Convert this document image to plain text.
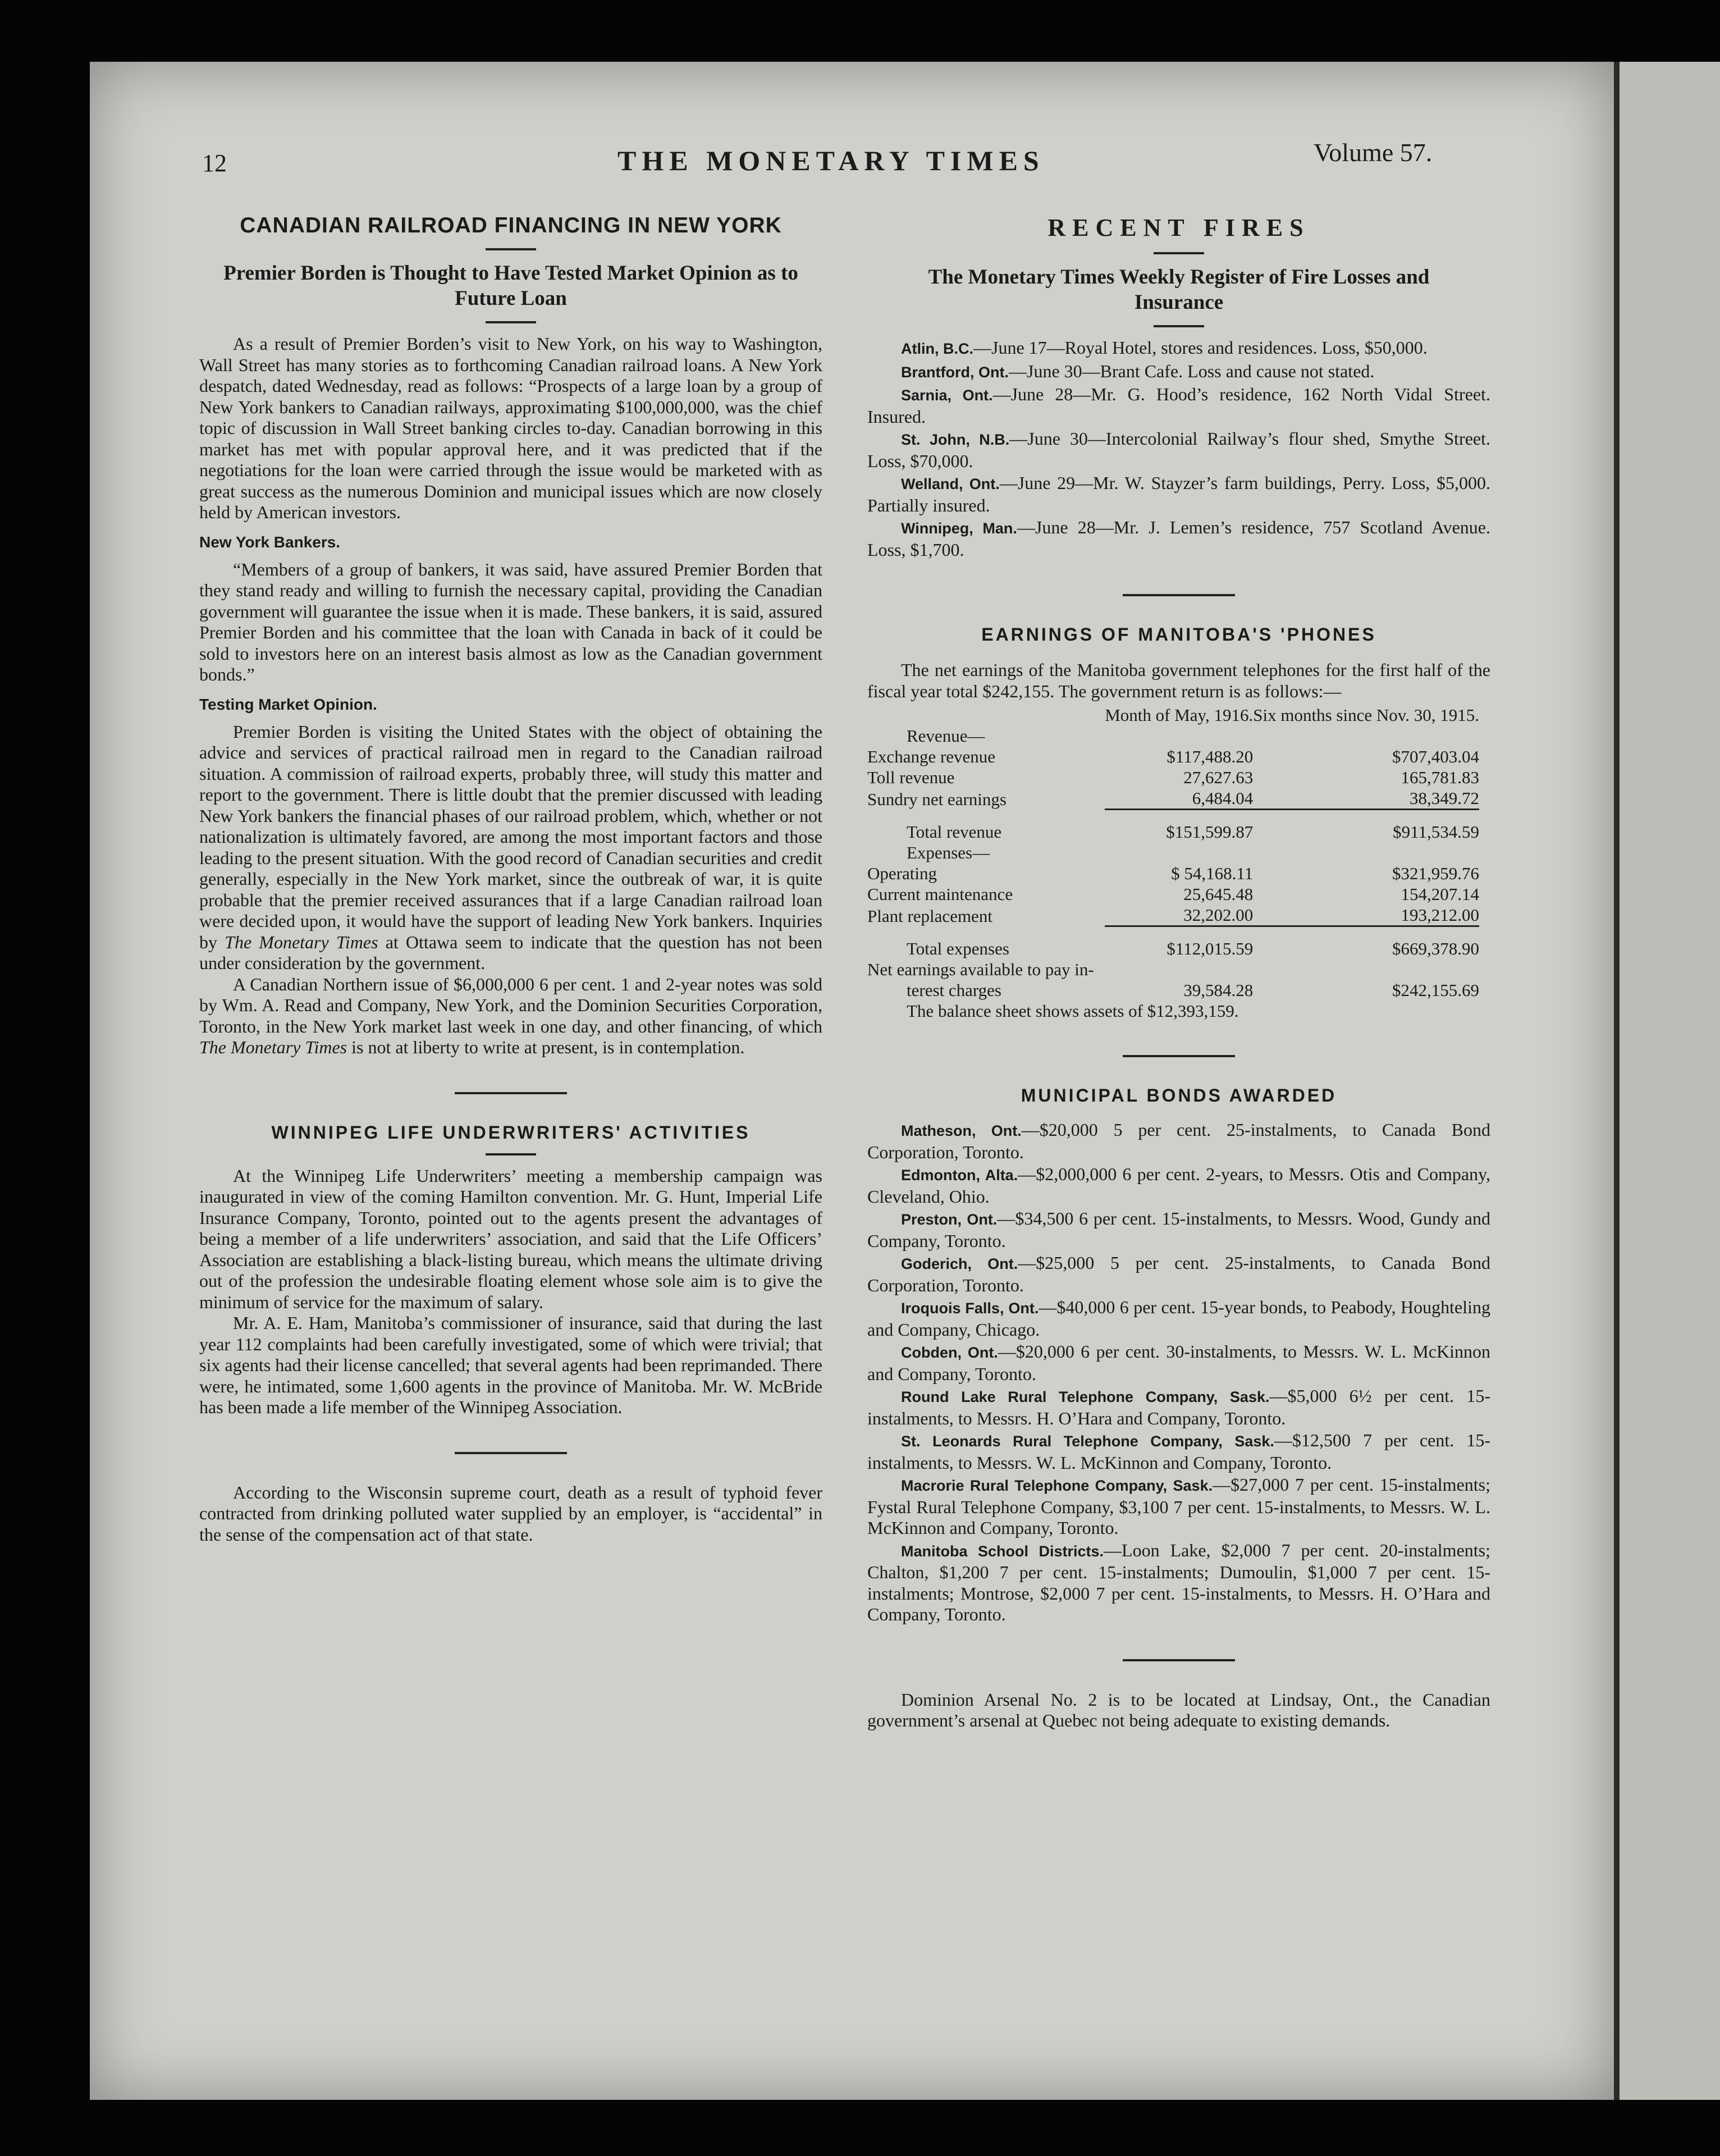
12	THE MONETARY TIMES	Volume 57.
CANADIAN RAILROAD FINANCING IN NEW YORK
Premier Borden is Thought to Have Tested Market Opinion as to Future Loan

As a result of Premier Borden’s visit to New York, on his way to Washington, Wall Street has many stories as to forthcoming Canadian railroad loans. A New York despatch, dated Wednesday, read as follows: “Prospects of a large loan by a group of New York bankers to Canadian railways, approximating $100,000,000, was the chief topic of discussion in Wall Street banking circles to-day. Canadian borrowing in this market has met with popular approval here, and it was predicted that if the negotiations for the loan were carried through the issue would be marketed with as great success as the numerous Dominion and municipal issues which are now closely held by American investors.

New York Bankers.

“Members of a group of bankers, it was said, have assured Premier Borden that they stand ready and willing to furnish the necessary capital, providing the Canadian government will guarantee the issue when it is made. These bankers, it is said, assured Premier Borden and his committee that the loan with Canada in back of it could be sold to investors here on an interest basis almost as low as the Canadian government bonds.”

Testing Market Opinion.

Premier Borden is visiting the United States with the object of obtaining the advice and services of practical railroad men in regard to the Canadian railroad situation. A commission of railroad experts, probably three, will study this matter and report to the government. There is little doubt that the premier discussed with leading New York bankers the financial phases of our railroad problem, which, whether or not nationalization is ultimately favored, are among the most important factors and those leading to the present situation. With the good record of Canadian securities and credit generally, especially in the New York market, since the outbreak of war, it is quite probable that the premier received assurances that if a large Canadian railroad loan were decided upon, it would have the support of leading New York bankers. Inquiries by The Monetary Times at Ottawa seem to indicate that the question has not been under consideration by the government.

A Canadian Northern issue of $6,000,000 6 per cent. 1 and 2-year notes was sold by Wm. A. Read and Company, New York, and the Dominion Securities Corporation, Toronto, in the New York market last week in one day, and other financing, of which The Monetary Times is not at liberty to write at present, is in contemplation.

WINNIPEG LIFE UNDERWRITERS' ACTIVITIES

At the Winnipeg Life Underwriters’ meeting a membership campaign was inaugurated in view of the coming Hamilton convention. Mr. G. Hunt, Imperial Life Insurance Company, Toronto, pointed out to the agents present the advantages of being a member of a life underwriters’ association, and said that the Life Officers’ Association are establishing a black-listing bureau, which means the ultimate driving out of the profession the undesirable floating element whose sole aim is to give the minimum of service for the maximum of salary.

Mr. A. E. Ham, Manitoba’s commissioner of insurance, said that during the last year 112 complaints had been carefully investigated, some of which were trivial; that six agents had their license cancelled; that several agents had been reprimanded. There were, he intimated, some 1,600 agents in the province of Manitoba. Mr. W. McBride has been made a life member of the Winnipeg Association.

According to the Wisconsin supreme court, death as a result of typhoid fever contracted from drinking polluted water supplied by an employer, is “accidental” in the sense of the compensation act of that state.

RECENT FIRES
The Monetary Times Weekly Register of Fire Losses and Insurance

Atlin, B.C.—June 17—Royal Hotel, stores and residences. Loss, $50,000.

Brantford, Ont.—June 30—Brant Cafe. Loss and cause not stated.

Sarnia, Ont.—June 28—Mr. G. Hood’s residence, 162 North Vidal Street. Insured.

St. John, N.B.—June 30—Intercolonial Railway’s flour shed, Smythe Street. Loss, $70,000.

Welland, Ont.—June 29—Mr. W. Stayzer’s farm buildings, Perry. Loss, $5,000. Partially insured.

Winnipeg, Man.—June 28—Mr. J. Lemen’s residence, 757 Scotland Avenue. Loss, $1,700.

EARNINGS OF MANITOBA'S 'PHONES

The net earnings of the Manitoba government telephones for the first half of the fiscal year total $242,155. The government return is as follows:—

	Month of May, 1916.	Six months since Nov. 30, 1915.
Revenue—		
Exchange revenue	$117,488.20	$707,403.04
Toll revenue	27,627.63	165,781.83
Sundry net earnings	6,484.04	38,349.72
Total revenue	$151,599.87	$911,534.59
Expenses—		
Operating	$ 54,168.11	$321,959.76
Current maintenance	25,645.48	154,207.14
Plant replacement	32,202.00	193,212.00
Total expenses	$112,015.59	$669,378.90
Net earnings available to pay in-		
terest charges	39,584.28	$242,155.69
The balance sheet shows assets of $12,393,159.		
MUNICIPAL BONDS AWARDED

Matheson, Ont.—$20,000 5 per cent. 25-instalments, to Canada Bond Corporation, Toronto.

Edmonton, Alta.—$2,000,000 6 per cent. 2-years, to Messrs. Otis and Company, Cleveland, Ohio.

Preston, Ont.—$34,500 6 per cent. 15-instalments, to Messrs. Wood, Gundy and Company, Toronto.

Goderich, Ont.—$25,000 5 per cent. 25-instalments, to Canada Bond Corporation, Toronto.

Iroquois Falls, Ont.—$40,000 6 per cent. 15-year bonds, to Peabody, Houghteling and Company, Chicago.

Cobden, Ont.—$20,000 6 per cent. 30-instalments, to Messrs. W. L. McKinnon and Company, Toronto.

Round Lake Rural Telephone Company, Sask.—$5,000 6½ per cent. 15-instalments, to Messrs. H. O’Hara and Company, Toronto.

St. Leonards Rural Telephone Company, Sask.—$12,500 7 per cent. 15-instalments, to Messrs. W. L. McKinnon and Company, Toronto.

Macrorie Rural Telephone Company, Sask.—$27,000 7 per cent. 15-instalments; Fystal Rural Telephone Company, $3,100 7 per cent. 15-instalments, to Messrs. W. L. McKinnon and Company, Toronto.

Manitoba School Districts.—Loon Lake, $2,000 7 per cent. 20-instalments; Chalton, $1,200 7 per cent. 15-instalments; Dumoulin, $1,000 7 per cent. 15-instalments; Montrose, $2,000 7 per cent. 15-instalments, to Messrs. H. O’Hara and Company, Toronto.

Dominion Arsenal No. 2 is to be located at Lindsay, Ont., the Canadian government’s arsenal at Quebec not being adequate to existing demands.
